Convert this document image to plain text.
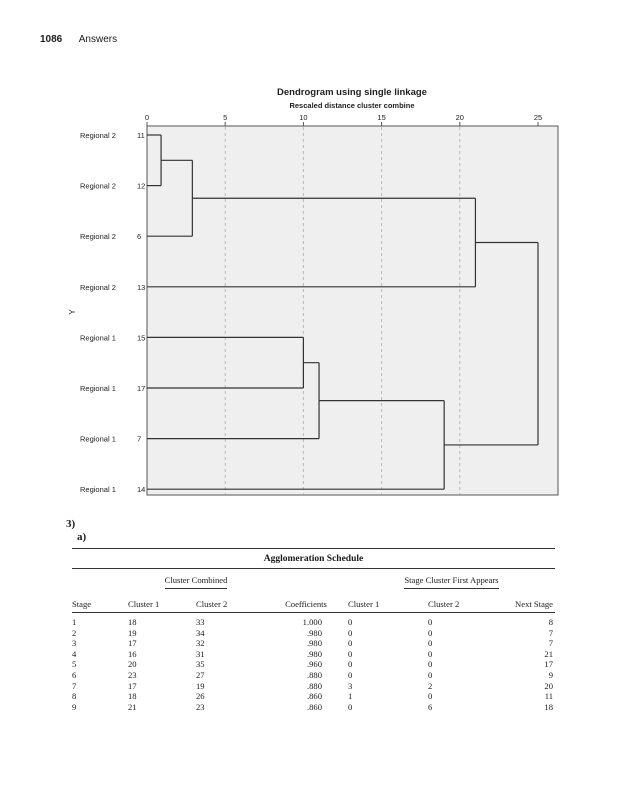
1086 Answers
0	5	10	15	20	25
Regional 2	11
Regional 2	12
Regional 2	6
Regional 2	13
Regional 1	15
Regional 1	17
Regional 1	7
Regional 1	14
Dendrogram using single linkage
Rescaled distance cluster combine
Y
3)
a)
Agglomeration Schedule
	Cluster Combined			Stage Cluster First Appears		
Stage	Cluster 1	Cluster 2	Coefficients	Cluster 1	Cluster 2	Next Stage
1	18	33	1.000	0	0	8
2	19	34	.980	0	0	7
3	17	32	.980	0	0	7
4	16	31	.980	0	0	21
5	20	35	.960	0	0	17
6	23	27	.880	0	0	9
7	17	19	.880	3	2	20
8	18	26	.860	1	0	11
9	21	23	.860	0	6	18
